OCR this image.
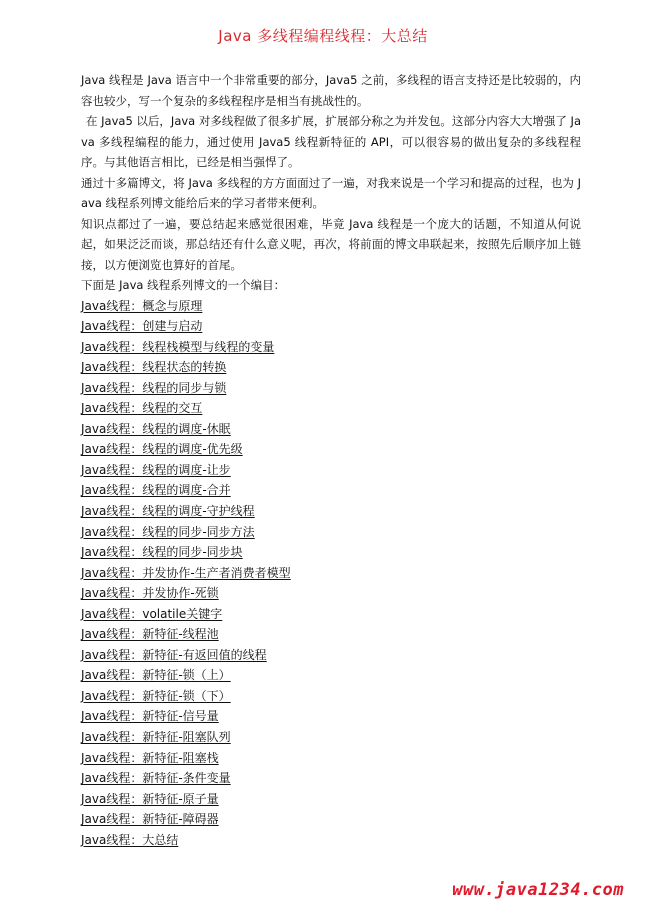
Java 多线程编程线程：大总结

Java 线程是 Java 语言中一个非常重要的部分，Java5 之前，多线程的语言支持还是比较弱的，内容也较少，写一个复杂的多线程程序是相当有挑战性的。

在 Java5 以后，Java 对多线程做了很多扩展，扩展部分称之为并发包。这部分内容大大增强了 Java 多线程编程的能力，通过使用 Java5 线程新特征的 API，可以很容易的做出复杂的多线程程序。与其他语言相比，已经是相当强悍了。

通过十多篇博文，将 Java 多线程的方方面面过了一遍，对我来说是一个学习和提高的过程，也为 Java 线程系列博文能给后来的学习者带来便利。

知识点都过了一遍，要总结起来感觉很困难，毕竟 Java 线程是一个庞大的话题，不知道从何说起，如果泛泛而谈，那总结还有什么意义呢，再次，将前面的博文串联起来，按照先后顺序加上链接，以方便浏览也算好的首尾。

下面是 Java 线程系列博文的一个编目：

Java线程：概念与原理
Java线程：创建与启动
Java线程：线程栈模型与线程的变量
Java线程：线程状态的转换
Java线程：线程的同步与锁
Java线程：线程的交互
Java线程：线程的调度-休眠
Java线程：线程的调度-优先级
Java线程：线程的调度-让步
Java线程：线程的调度-合并
Java线程：线程的调度-守护线程
Java线程：线程的同步-同步方法
Java线程：线程的同步-同步块
Java线程：并发协作-生产者消费者模型
Java线程：并发协作-死锁
Java线程：volatile关键字
Java线程：新特征-线程池
Java线程：新特征-有返回值的线程
Java线程：新特征-锁（上）
Java线程：新特征-锁（下）
Java线程：新特征-信号量
Java线程：新特征-阻塞队列
Java线程：新特征-阻塞栈
Java线程：新特征-条件变量
Java线程：新特征-原子量
Java线程：新特征-障碍器
Java线程：大总结
www.java1234.com
